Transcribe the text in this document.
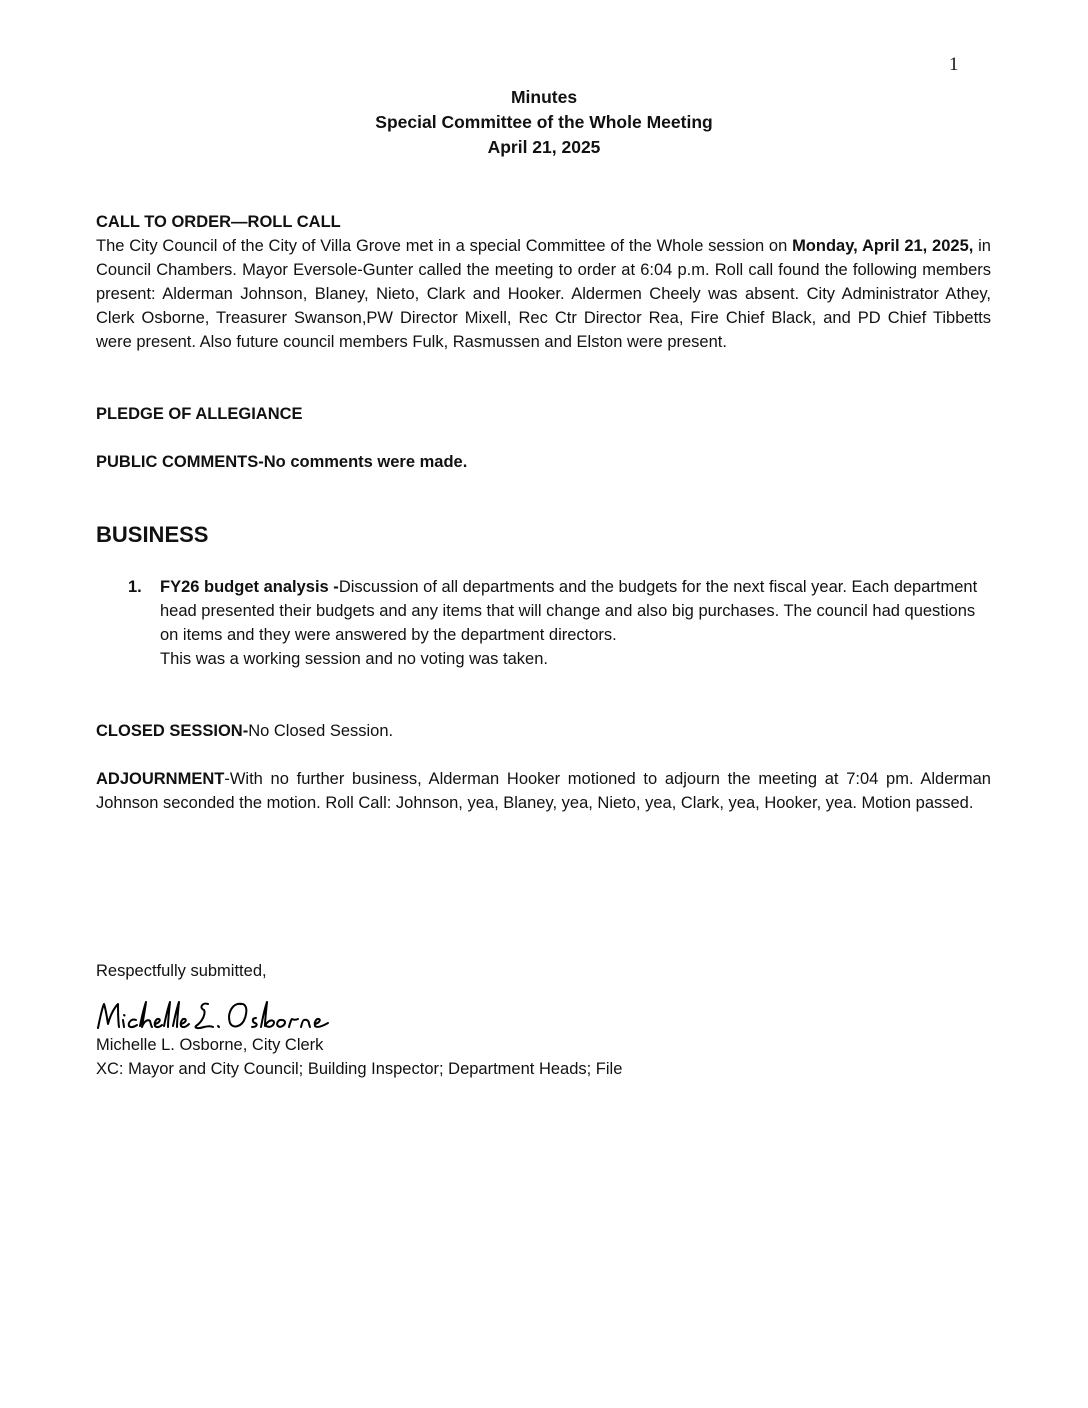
1
Minutes
Special Committee of the Whole Meeting
April 21, 2025
CALL TO ORDER—ROLL CALL
The City Council of the City of Villa Grove met in a special Committee of the Whole session on Monday, April 21, 2025, in Council Chambers. Mayor Eversole-Gunter called the meeting to order at 6:04 p.m. Roll call found the following members present: Alderman Johnson, Blaney, Nieto, Clark and Hooker. Aldermen Cheely was absent. City Administrator Athey, Clerk Osborne, Treasurer Swanson,PW Director Mixell, Rec Ctr Director Rea, Fire Chief Black, and PD Chief Tibbetts were present. Also future council members Fulk, Rasmussen and Elston were present.
PLEDGE OF ALLEGIANCE
PUBLIC COMMENTS-No comments were made.
BUSINESS
1. FY26 budget analysis -Discussion of all departments and the budgets for the next fiscal year. Each department head presented their budgets and any items that will change and also big purchases. The council had questions on items and they were answered by the department directors.
This was a working session and no voting was taken.
CLOSED SESSION-No Closed Session.
ADJOURNMENT-With no further business, Alderman Hooker motioned to adjourn the meeting at 7:04 pm. Alderman Johnson seconded the motion. Roll Call: Johnson, yea, Blaney, yea, Nieto, yea, Clark, yea, Hooker, yea. Motion passed.
Respectfully submitted,
Michelle L. Osborne, City Clerk
XC: Mayor and City Council; Building Inspector; Department Heads; File
